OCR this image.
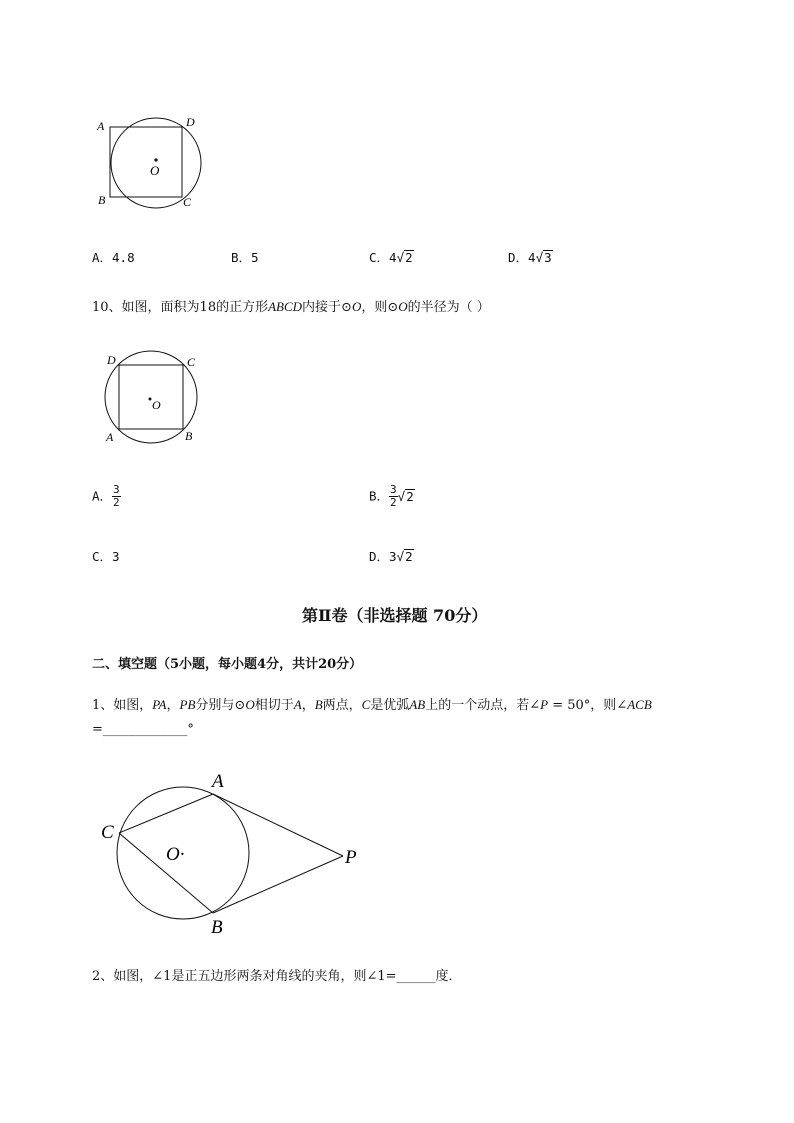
A
B	C
D
O
A．4.8	B．5	C．4√2	D．4√3
10、如图，面积为18的正方形ABCD内接于⊙O，则⊙O的半径为（ ）
D	C
A	B
O
A． $\frac{3}{2}$	B． $\frac{3}{2} √2$
C．3	D．3√2
第Ⅱ卷（非选择题 70分）
二、填空题（5小题，每小题4分，共计20分）
1、如图，PA，PB分别与⊙O相切于A，B两点，C是优弧AB上的一个动点，若∠P = 50°，则∠ACB
=_____________°
A
B
C
O·	P
2、如图，∠1是正五边形两条对角线的夹角，则∠1=______度．
